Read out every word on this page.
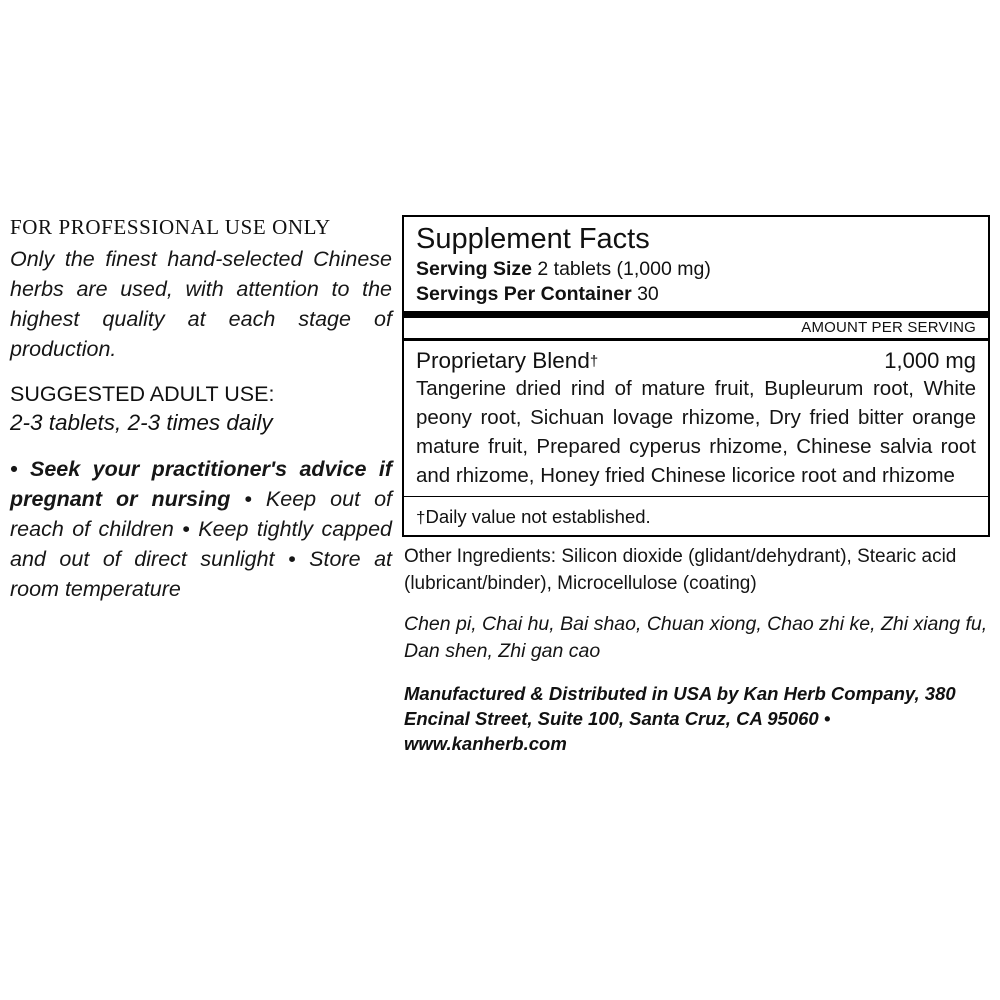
FOR PROFESSIONAL USE ONLY
Only the finest hand-selected Chinese herbs are used, with attention to the highest quality at each stage of production.
SUGGESTED ADULT USE:
2-3 tablets, 2-3 times daily
• Seek your practitioner's advice if pregnant or nursing • Keep out of reach of children • Keep tightly capped and out of direct sunlight • Store at room temperature
Supplement Facts
Serving Size 2 tablets (1,000 mg)
Servings Per Container 30
AMOUNT PER SERVING
Proprietary Blend†	1,000 mg
Tangerine dried rind of mature fruit, Bupleurum root, White peony root, Sichuan lovage rhizome, Dry fried bitter orange mature fruit, Prepared cyperus rhizome, Chinese salvia root and rhizome, Honey fried Chinese licorice root and rhizome
†Daily value not established.
Other Ingredients: Silicon dioxide (glidant/dehydrant), Stearic acid (lubricant/binder), Microcellulose (coating)
Chen pi, Chai hu, Bai shao, Chuan xiong, Chao zhi ke, Zhi xiang fu, Dan shen, Zhi gan cao
Manufactured & Distributed in USA by Kan Herb Company, 380 Encinal Street, Suite 100, Santa Cruz, CA 95060 • www.kanherb.com
